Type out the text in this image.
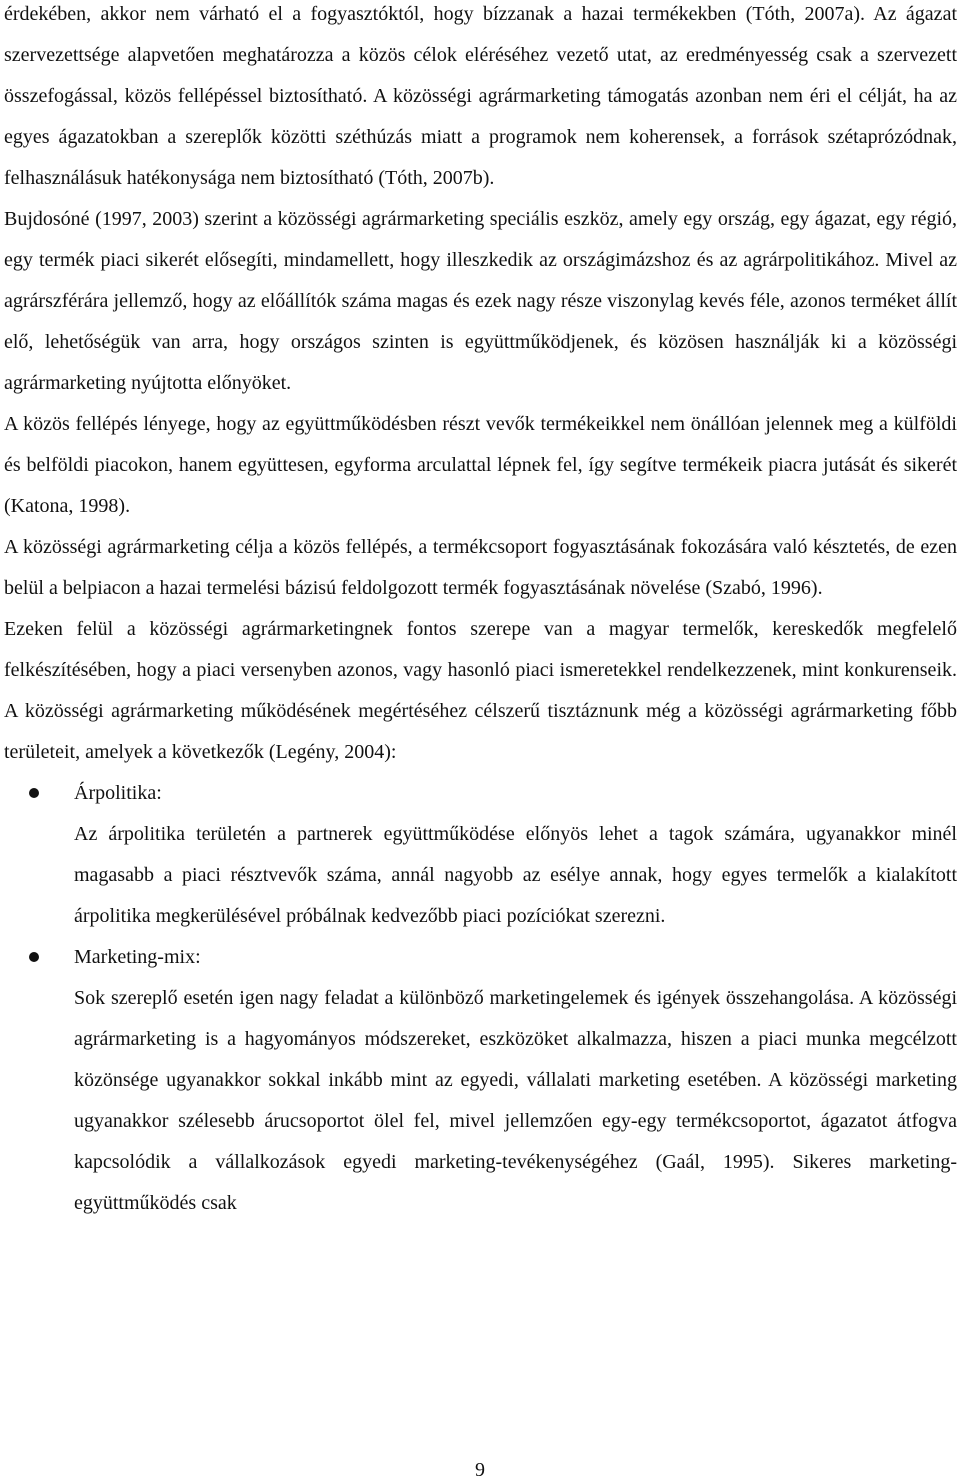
érdekében, akkor nem várható el a fogyasztóktól, hogy bízzanak a hazai termékekben (Tóth, 2007a). Az ágazat szervezettsége alapvetően meghatározza a közös célok eléréséhez vezető utat, az eredményesség csak a szervezett összefogással, közös fellépéssel biztosítható. A közösségi agrármarketing támogatás azonban nem éri el célját, ha az egyes ágazatokban a szereplők közötti széthúzás miatt a programok nem koherensek, a források szétaprózódnak, felhasználásuk hatékonysága nem biztosítható (Tóth, 2007b).

Bujdosóné (1997, 2003) szerint a közösségi agrármarketing speciális eszköz, amely egy ország, egy ágazat, egy régió, egy termék piaci sikerét elősegíti, mindamellett, hogy illeszkedik az országimázshoz és az agrárpolitikához. Mivel az agrárszférára jellemző, hogy az előállítók száma magas és ezek nagy része viszonylag kevés féle, azonos terméket állít elő, lehetőségük van arra, hogy országos szinten is együttműködjenek, és közösen használják ki a közösségi agrármarketing nyújtotta előnyöket.

A közös fellépés lényege, hogy az együttműködésben részt vevők termékeikkel nem önállóan jelennek meg a külföldi és belföldi piacokon, hanem együttesen, egyforma arculattal lépnek fel, így segítve termékeik piacra jutását és sikerét (Katona, 1998).

A közösségi agrármarketing célja a közös fellépés, a termékcsoport fogyasztásának fokozására való késztetés, de ezen belül a belpiacon a hazai termelési bázisú feldolgozott termék fogyasztásának növelése (Szabó, 1996).

Ezeken felül a közösségi agrármarketingnek fontos szerepe van a magyar termelők, kereskedők megfelelő felkészítésében, hogy a piaci versenyben azonos, vagy hasonló piaci ismeretekkel rendelkezzenek, mint konkurenseik. A közösségi agrármarketing működésének megértéséhez célszerű tisztáznunk még a közösségi agrármarketing főbb területeit, amelyek a következők (Legény, 2004):

Árpolitika:

Az árpolitika területén a partnerek együttműködése előnyös lehet a tagok számára, ugyanakkor minél magasabb a piaci résztvevők száma, annál nagyobb az esélye annak, hogy egyes termelők a kialakított árpolitika megkerülésével próbálnak kedvezőbb piaci pozíciókat szerezni.

Marketing-mix:

Sok szereplő esetén igen nagy feladat a különböző marketingelemek és igények összehangolása. A közösségi agrármarketing is a hagyományos módszereket, eszközöket alkalmazza, hiszen a piaci munka megcélzott közönsége ugyanakkor sokkal inkább mint az egyedi, vállalati marketing esetében. A közösségi marketing ugyanakkor szélesebb árucsoportot ölel fel, mivel jellemzően egy-egy termékcsoportot, ágazatot átfogva kapcsolódik a vállalkozások egyedi marketing-tevékenységéhez (Gaál, 1995). Sikeres marketing-együttműködés csak

9
